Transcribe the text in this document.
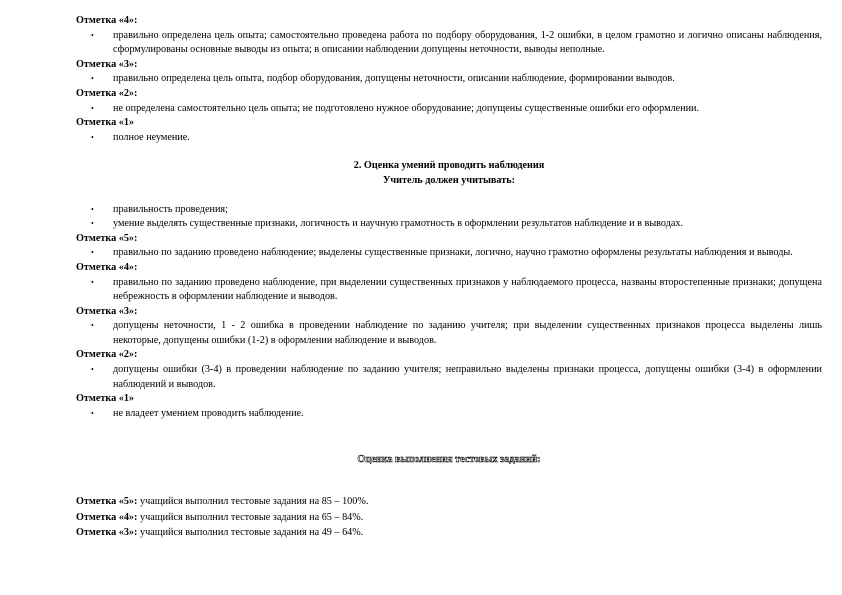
Отметка «4»:
• правильно определена цель опыта; самостоятельно проведена работа по подбору оборудования, 1-2 ошибки, в целом грамотно и логично описаны наблюдения, сформулированы основные выводы из опыта; в описании наблюдении допущены неточности, выводы неполные.
Отметка «3»:
• правильно определена цель опыта, подбор оборудования, допущены неточности, описании наблюдение, формировании выводов.
Отметка «2»:
• не определена самостоятельно цель опыта; не подготовлено нужное оборудование; допущены существенные ошибки его оформлении.
Отметка «1»
• полное неумение.
2. Оценка умений проводить наблюдения
Учитель должен учитывать:
• правильность проведения;
• умение выделять существенные признаки, логичность и научную грамотность в оформлении результатов наблюдение и в выводах.
Отметка «5»:
• правильно по заданию проведено наблюдение; выделены существенные признаки, логично, научно грамотно оформлены результаты наблюдения и выводы.
Отметка «4»:
• правильно по заданию проведено наблюдение, при выделении существенных признаков у наблюдаемого процесса, названы второстепенные признаки; допущена небрежность в оформлении наблюдение и выводов.
Отметка «3»:
• допущены неточности, 1 - 2 ошибка в проведении наблюдение по заданию учителя; при выделении существенных признаков процесса выделены лишь некоторые, допущены ошибки (1-2) в оформлении наблюдение и выводов.
Отметка «2»:
• допущены ошибки (3-4) в проведении наблюдение по заданию учителя; неправильно выделены признаки процесса, допущены ошибки (3-4) в оформлении наблюдений и выводов.
Отметка «1»
• не владеет умением проводить наблюдение.
Оценка выполнения тестовых заданий:
Отметка «5»: учащийся выполнил тестовые задания на 85 – 100%.
Отметка «4»: учащийся выполнил тестовые задания на 65 – 84%.
Отметка «3»: учащийся выполнил тестовые задания на 49 – 64%.
